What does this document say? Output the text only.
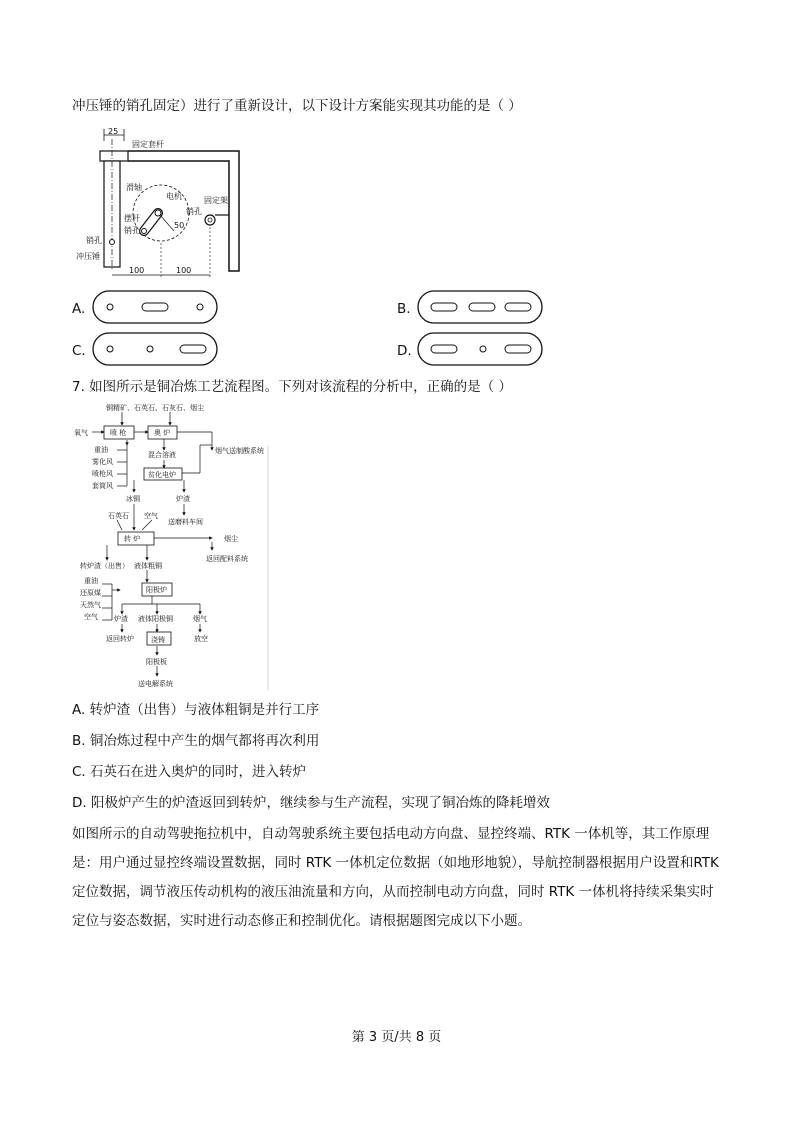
冲压锤的销孔固定）进行了重新设计，以下设计方案能实现其功能的是（ ）
25
固定套杆
滑轴
销孔
冲压锤
电机
摆杆
销孔
50
销孔
固定架
100	100
A.	B.
C.	D.
7. 如图所示是铜冶炼工艺流程图。下列对该流程的分析中，正确的是（ ）
铜精矿、石英石、石灰石、烟尘
氧气	喷 枪	奥 炉
重油
雾化风
喷枪风
套筒风
混合溶液
贫化电炉
烟气送制酸系统
冰铜	炉渣
送磨料车间
石英石 空气
转 炉	烟尘
返回配料系统
转炉渣（出售） 液体粗铜
重油
还原煤
天然气
空气
阳极炉
炉渣 液体阳极铜	烟气
返回转炉 浇铸	放空
阳极板
送电解系统
A. 转炉渣（出售）与液体粗铜是并行工序
B. 铜冶炼过程中产生的烟气都将再次利用
C. 石英石在进入奥炉的同时，进入转炉
D. 阳极炉产生的炉渣返回到转炉，继续参与生产流程，实现了铜冶炼的降耗增效
如图所示的自动驾驶拖拉机中，自动驾驶系统主要包括电动方向盘、显控终端、RTK 一体机等，其工作原理是：用户通过显控终端设置数据，同时 RTK 一体机定位数据（如地形地貌），导航控制器根据用户设置和RTK 定位数据，调节液压传动机构的液压油流量和方向，从而控制电动方向盘，同时 RTK 一体机将持续采集实时定位与姿态数据，实时进行动态修正和控制优化。请根据题图完成以下小题。
第 3 页/共 8 页
